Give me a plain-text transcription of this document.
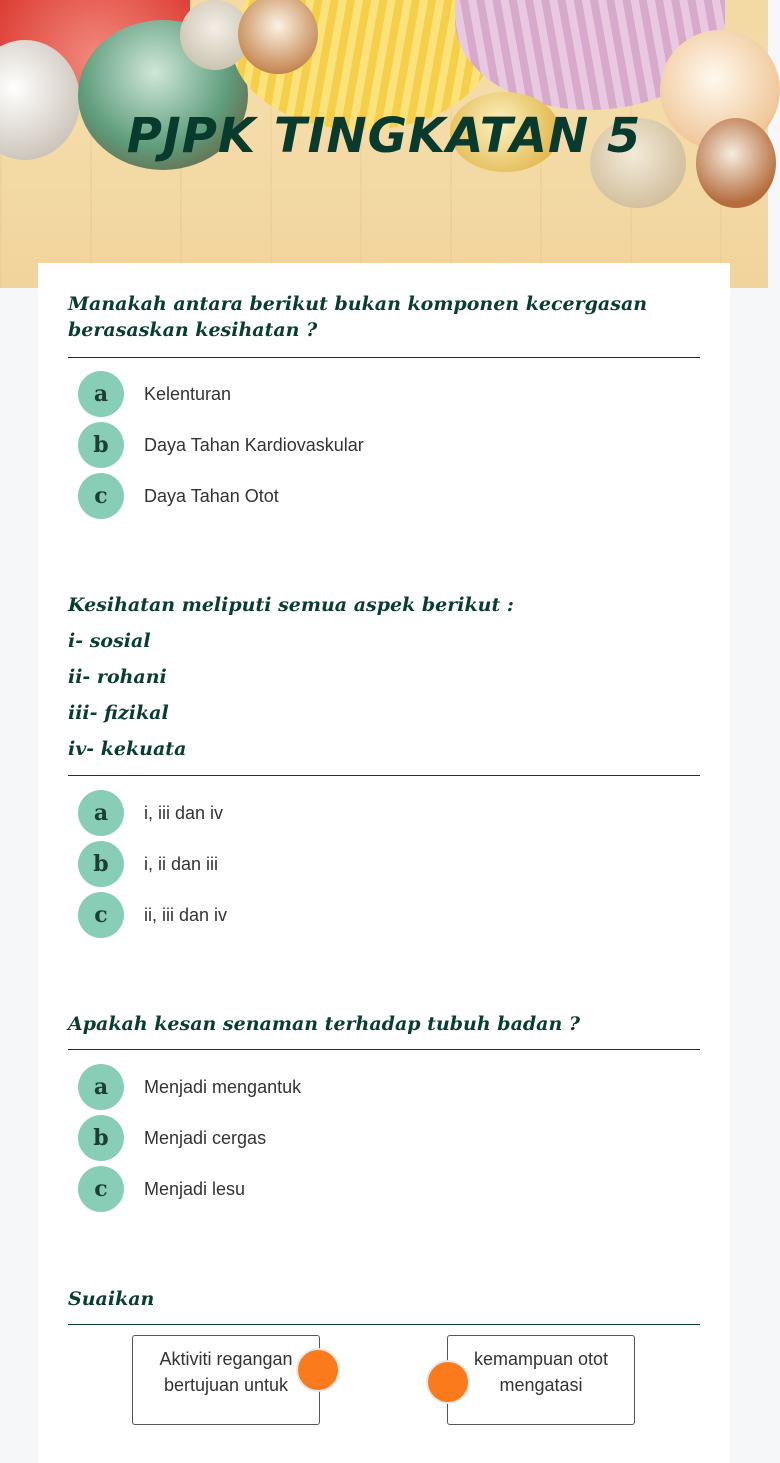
PJPK TINGKATAN 5
Manakah antara berikut bukan komponen kecergasan berasaskan kesihatan ?
a	Kelenturan
b	Daya Tahan Kardiovaskular
c	Daya Tahan Otot
Kesihatan meliputi semua aspek berikut :
i- sosial
ii- rohani
iii- fizikal
iv- kekuata
a	i, iii dan iv
b	i, ii dan iii
c	ii, iii dan iv
Apakah kesan senaman terhadap tubuh badan ?
a	Menjadi mengantuk
b	Menjadi cergas
c	Menjadi lesu
Suaikan
Aktiviti regangan bertujuan untuk
kemampuan otot mengatasi
